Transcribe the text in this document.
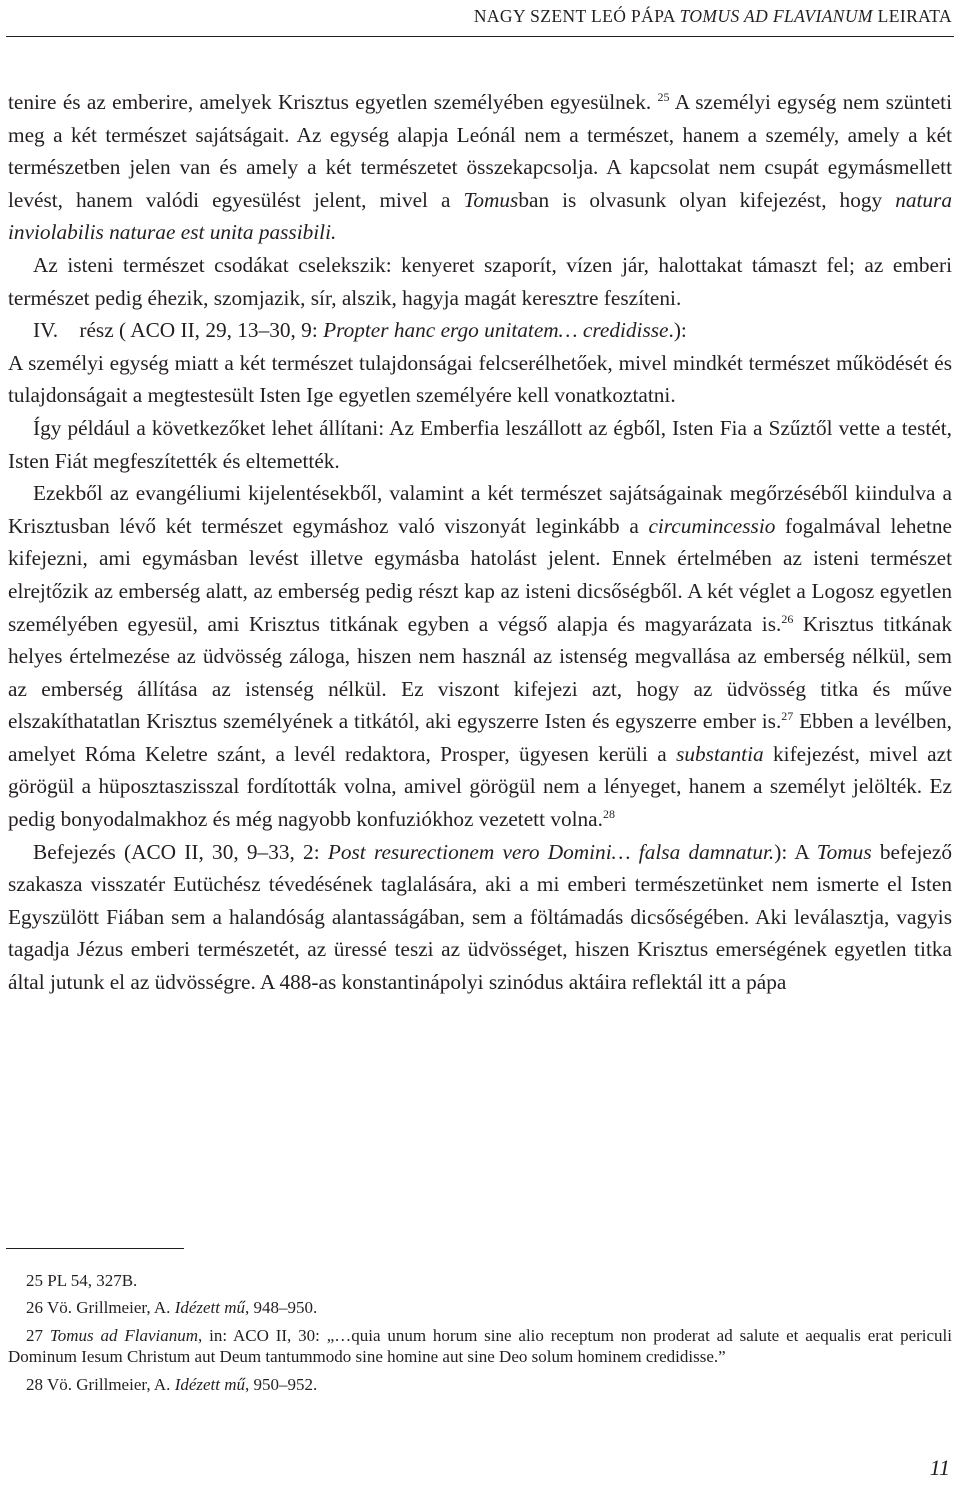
NAGY SZENT LEÓ PÁPA TOMUS AD FLAVIANUM LEIRATA

tenire és az emberire, amelyek Krisztus egyetlen személyében egyesülnek. $^{25}$ A személyi egység nem szünteti meg a két természet sajátságait. Az egység alapja Leónál nem a természet, hanem a személy, amely a két természetben jelen van és amely a két természetet összekapcsolja. A kapcsolat nem csupát egymásmellett levést, hanem valódi egyesülést jelent, mivel a Tomusban is olvasunk olyan kifejezést, hogy natura inviolabilis naturae est unita passibili.

Az isteni természet csodákat cselekszik: kenyeret szaporít, vízen jár, halottakat támaszt fel; az emberi természet pedig éhezik, szomjazik, sír, alszik, hagyja magát keresztre feszíteni.

IV. rész ( ACO II, 29, 13‒30, 9: Propter hanc ergo unitatem… credidisse.):

A személyi egység miatt a két természet tulajdonságai felcserélhetőek, mivel mindkét természet működését és tulajdonságait a megtestesült Isten Ige egyetlen személyére kell vonatkoztatni.

Így például a következőket lehet állítani: Az Emberfia leszállott az égből, Isten Fia a Szűztől vette a testét, Isten Fiát megfeszítették és eltemették.

Ezekből az evangéliumi kijelentésekből, valamint a két természet sajátságainak megőrzéséből kiindulva a Krisztusban lévő két természet egymáshoz való viszonyát leginkább a circumincessio fogalmával lehetne kifejezni, ami egymásban levést illetve egymásba hatolást jelent. Ennek értelmében az isteni természet elrejtőzik az emberség alatt, az emberség pedig részt kap az isteni dicsőségből. A két véglet a Logosz egyetlen személyében egyesül, ami Krisztus titkának egyben a végső alapja és magyarázata is.$^{26}$ Krisztus titkának helyes értelmezése az üdvösség záloga, hiszen nem használ az istenség megvallása az emberség nélkül, sem az emberség állítása az istenség nélkül. Ez viszont kifejezi azt, hogy az üdvösség titka és műve elszakíthatatlan Krisztus személyének a titkától, aki egyszerre Isten és egyszerre ember is.$^{27}$ Ebben a levélben, amelyet Róma Keletre szánt, a levél redaktora, Prosper, ügyesen kerüli a substantia kifejezést, mivel azt görögül a hüposztaszisszal fordították volna, amivel görögül nem a lényeget, hanem a személyt jelölték. Ez pedig bonyodalmakhoz és még nagyobb konfuziókhoz vezetett volna.$^{28}$

Befejezés (ACO II, 30, 9‒33, 2: Post resurectionem vero Domini… falsa damnatur.): A Tomus befejező szakasza visszatér Eutüchész tévedésének taglalására, aki a mi emberi természetünket nem ismerte el Isten Egyszülött Fiában sem a halandóság alantasságában, sem a föltámadás dicsőségében. Aki leválasztja, vagyis tagadja Jézus emberi természetét, az üressé teszi az üdvösséget, hiszen Krisztus emerségének egyetlen titka által jutunk el az üdvösségre. A 488-as konstantinápolyi szinódus aktáira reflektál itt a pápa

25 PL 54, 327B.

26 Vö. Grillmeier, A. Idézett mű, 948‒950.

27 Tomus ad Flavianum, in: ACO II, 30: „…quia unum horum sine alio receptum non proderat ad salute et aequalis erat periculi Dominum Iesum Christum aut Deum tantummodo sine homine aut sine Deo solum hominem credidisse.”

28 Vö. Grillmeier, A. Idézett mű, 950‒952.

11
